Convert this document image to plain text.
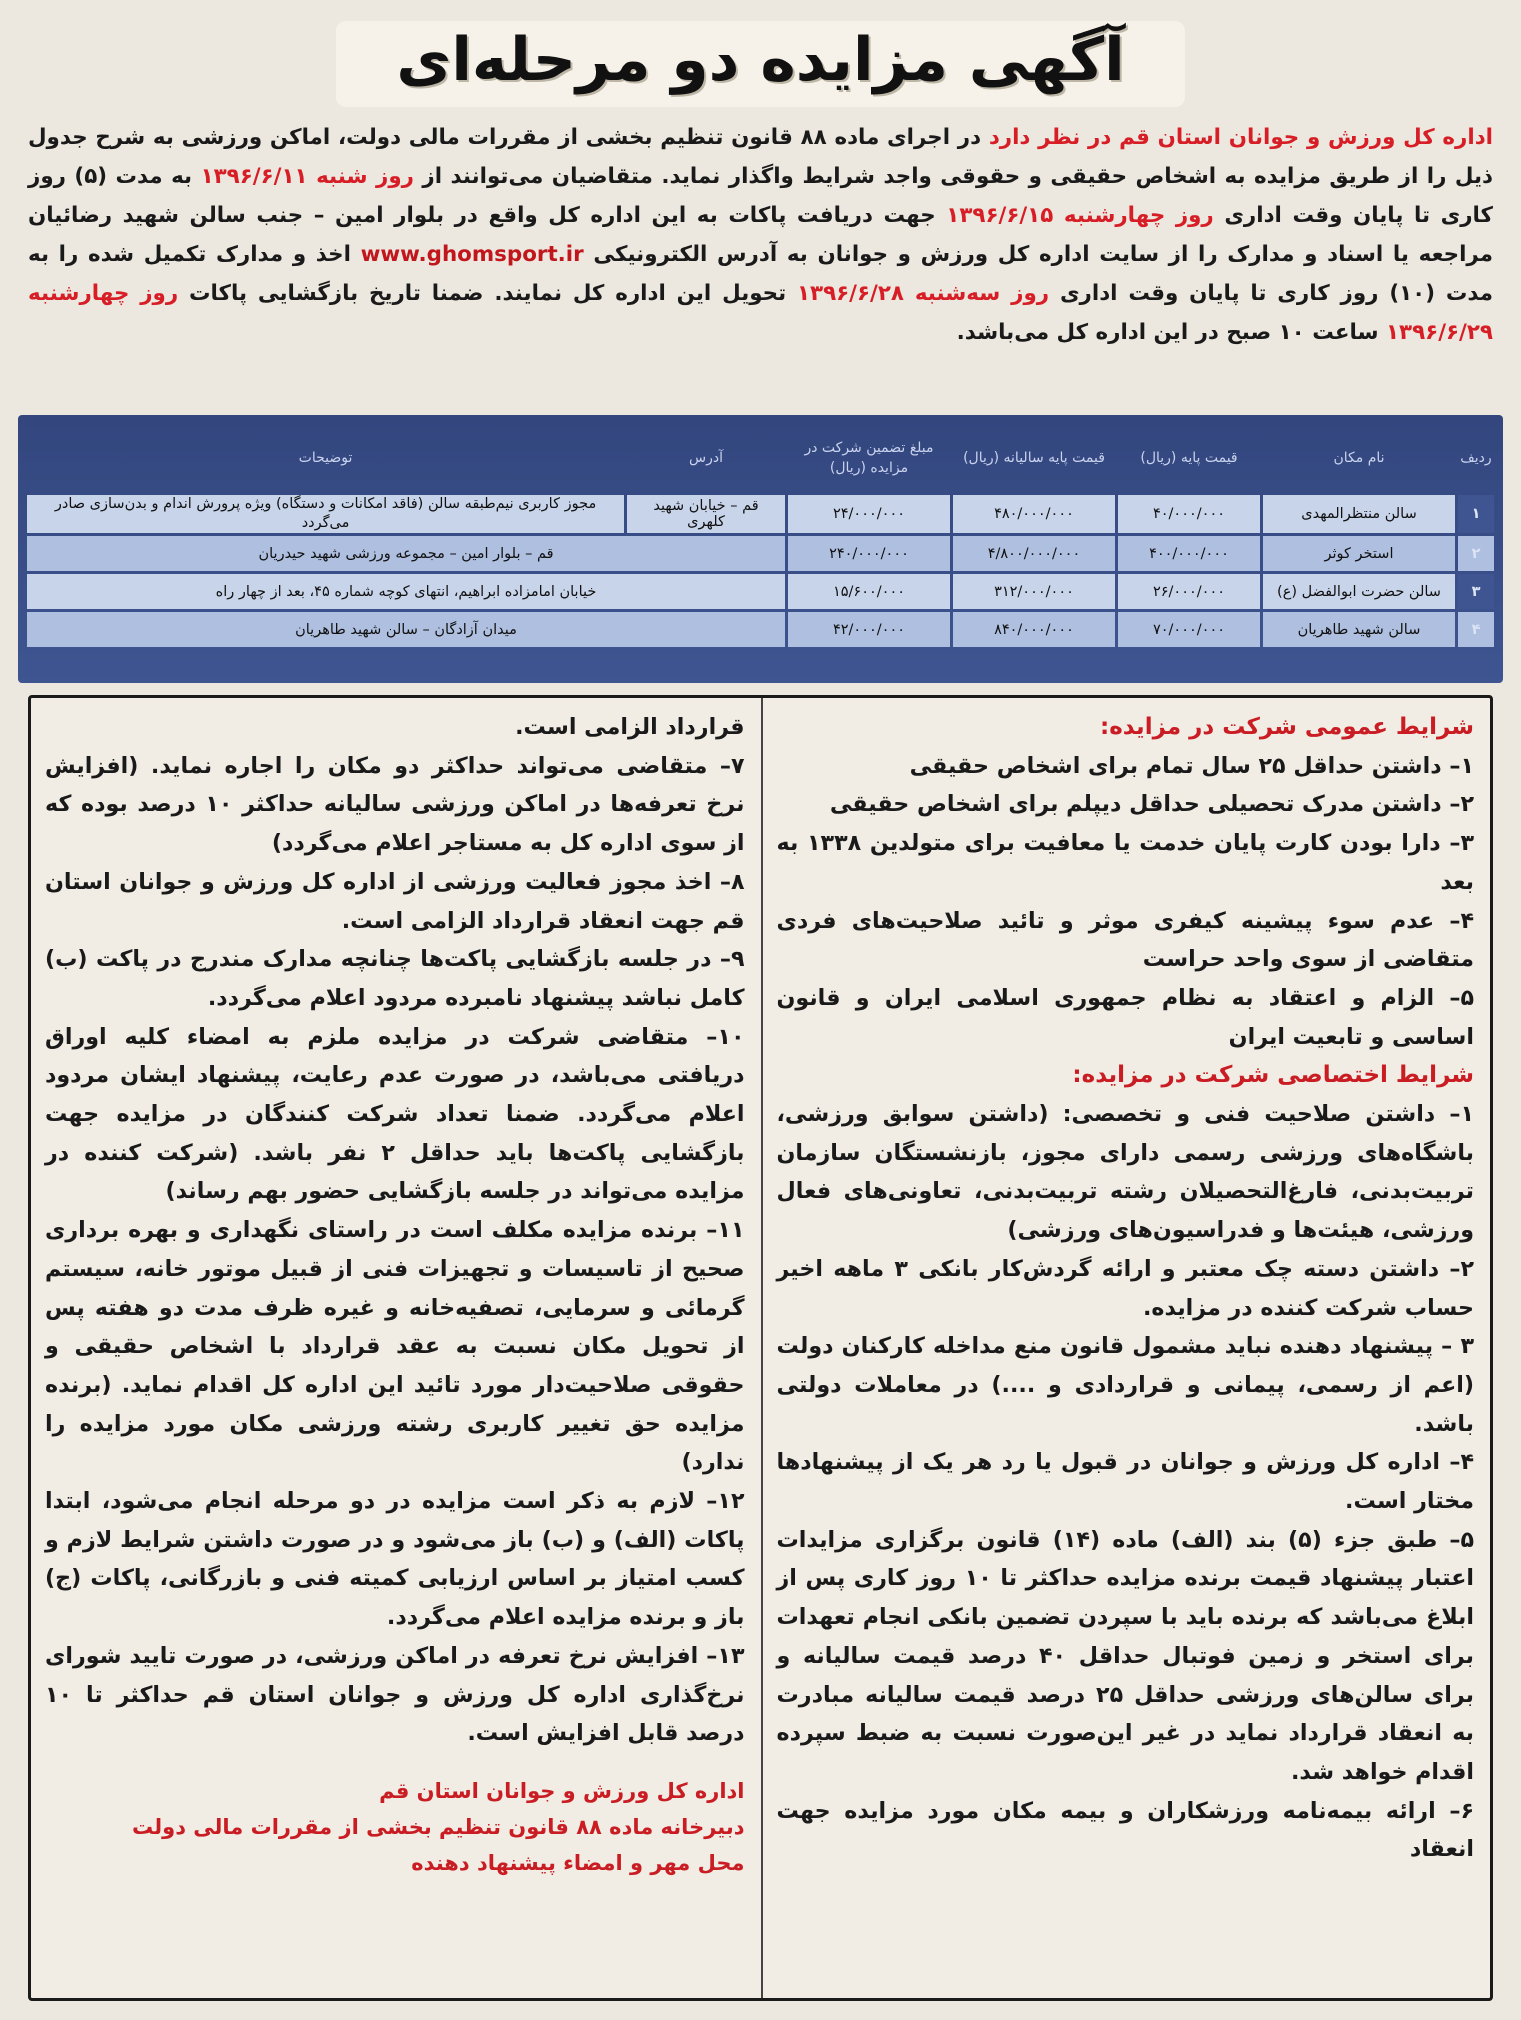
آگهی مزایده دو مرحله‌ای
اداره کل ورزش و جوانان استان قم در نظر دارد در اجرای ماده ۸۸ قانون تنظیم بخشی از مقررات مالی دولت، اماکن ورزشی به شرح جدول ذیل را از طریق مزایده به اشخاص حقیقی و حقوقی واجد شرایط واگذار نماید. متقاضیان می‌توانند از روز شنبه ۱۳۹۶/۶/۱۱ به مدت (۵) روز کاری تا پایان وقت اداری روز چهارشنبه ۱۳۹۶/۶/۱۵ جهت دریافت پاکات به این اداره کل واقع در بلوار امین – جنب سالن شهید رضائیان مراجعه یا اسناد و مدارک را از سایت اداره کل ورزش و جوانان به آدرس الکترونیکی www.ghomsport.ir اخذ و مدارک تکمیل شده را به مدت (۱۰) روز کاری تا پایان وقت اداری روز سه‌شنبه ۱۳۹۶/۶/۲۸ تحویل این اداره کل نمایند. ضمنا تاریخ بازگشایی پاکات روز چهارشنبه ۱۳۹۶/۶/۲۹ ساعت ۱۰ صبح در این اداره کل می‌باشد.
ردیف	نام مکان	قیمت پایه (ریال)	قیمت پایه سالیانه (ریال)	مبلغ تضمین شرکت در مزایده (ریال)	آدرس	توضیحات
۱	سالن منتظرالمهدی	۴۰/۰۰۰/۰۰۰	۴۸۰/۰۰۰/۰۰۰	۲۴/۰۰۰/۰۰۰	قم – خیابان شهید کلهری	مجوز کاربری نیم‌طبقه سالن (فاقد امکانات و دستگاه) ویژه پرورش اندام و بدن‌سازی صادر می‌گردد
۲	استخر کوثر	۴۰۰/۰۰۰/۰۰۰	۴/۸۰۰/۰۰۰/۰۰۰	۲۴۰/۰۰۰/۰۰۰	قم – بلوار امین – مجموعه ورزشی شهید حیدریان	
۳	سالن حضرت ابوالفضل (ع)	۲۶/۰۰۰/۰۰۰	۳۱۲/۰۰۰/۰۰۰	۱۵/۶۰۰/۰۰۰	خیابان امامزاده ابراهیم، انتهای کوچه شماره ۴۵، بعد از چهار راه	
۴	سالن شهید طاهریان	۷۰/۰۰۰/۰۰۰	۸۴۰/۰۰۰/۰۰۰	۴۲/۰۰۰/۰۰۰	میدان آزادگان – سالن شهید طاهریان	
شرایط عمومی شرکت در مزایده:

۱– داشتن حداقل ۲۵ سال تمام برای اشخاص حقیقی

۲– داشتن مدرک تحصیلی حداقل دیپلم برای اشخاص حقیقی

۳– دارا بودن کارت پایان خدمت یا معافیت برای متولدین ۱۳۳۸ به بعد

۴– عدم سوء پیشینه کیفری موثر و تائید صلاحیت‌های فردی متقاضی از سوی واحد حراست

۵– الزام و اعتقاد به نظام جمهوری اسلامی ایران و قانون اساسی و تابعیت ایران

شرایط اختصاصی شرکت در مزایده:

۱– داشتن صلاحیت فنی و تخصصی: (داشتن سوابق ورزشی، باشگاه‌های ورزشی رسمی دارای مجوز، بازنشستگان سازمان تربیت‌بدنی، فارغ‌التحصیلان رشته تربیت‌بدنی، تعاونی‌های فعال ورزشی، هیئت‌ها و فدراسیون‌های ورزشی)

۲– داشتن دسته چک معتبر و ارائه گردش‌کار بانکی ۳ ماهه اخیر حساب شرکت کننده در مزایده.

۳ – پیشنهاد دهنده نباید مشمول قانون منع مداخله کارکنان دولت (اعم از رسمی، پیمانی و قراردادی و ....) در معاملات دولتی باشد.

۴– اداره کل ورزش و جوانان در قبول یا رد هر یک از پیشنهادها مختار است.

۵– طبق جزء (۵) بند (الف) ماده (۱۴) قانون برگزاری مزایدات اعتبار پیشنهاد قیمت برنده مزایده حداکثر تا ۱۰ روز کاری پس از ابلاغ می‌باشد که برنده باید با سپردن تضمین بانکی انجام تعهدات برای استخر و زمین فوتبال حداقل ۴۰ درصد قیمت سالیانه و برای سالن‌های ورزشی حداقل ۲۵ درصد قیمت سالیانه مبادرت به انعقاد قرارداد نماید در غیر این‌صورت نسبت به ضبط سپرده اقدام خواهد شد.

۶– ارائه بیمه‌نامه ورزشکاران و بیمه مکان مورد مزایده جهت انعقاد

قرارداد الزامی است.

۷– متقاضی می‌تواند حداکثر دو مکان را اجاره نماید. (افزایش نرخ تعرفه‌ها در اماکن ورزشی سالیانه حداکثر ۱۰ درصد بوده که از سوی اداره کل به مستاجر اعلام می‌گردد)

۸– اخذ مجوز فعالیت ورزشی از اداره کل ورزش و جوانان استان قم جهت انعقاد قرارداد الزامی است.

۹– در جلسه بازگشایی پاکت‌ها چنانچه مدارک مندرج در پاکت (ب) کامل نباشد پیشنهاد نامبرده مردود اعلام می‌گردد.

۱۰– متقاضی شرکت در مزایده ملزم به امضاء کلیه اوراق دریافتی می‌باشد، در صورت عدم رعایت، پیشنهاد ایشان مردود اعلام می‌گردد. ضمنا تعداد شرکت کنندگان در مزایده جهت بازگشایی پاکت‌ها باید حداقل ۲ نفر باشد. (شرکت کننده در مزایده می‌تواند در جلسه بازگشایی حضور بهم رساند)

۱۱– برنده مزایده مکلف است در راستای نگهداری و بهره برداری صحیح از تاسیسات و تجهیزات فنی از قبیل موتور خانه، سیستم گرمائی و سرمایی، تصفیه‌خانه و غیره ظرف مدت دو هفته پس از تحویل مکان نسبت به عقد قرارداد با اشخاص حقیقی و حقوقی صلاحیت‌دار مورد تائید این اداره کل اقدام نماید. (برنده مزایده حق تغییر کاربری رشته ورزشی مکان مورد مزایده را ندارد)

۱۲– لازم به ذکر است مزایده در دو مرحله انجام می‌شود، ابتدا پاکات (الف) و (ب) باز می‌شود و در صورت داشتن شرایط لازم و کسب امتیاز بر اساس ارزیابی کمیته فنی و بازرگانی، پاکات (ج) باز و برنده مزایده اعلام می‌گردد.

۱۳– افزایش نرخ تعرفه در اماکن ورزشی، در صورت تایید شورای نرخ‌گذاری اداره کل ورزش و جوانان استان قم حداکثر تا ۱۰ درصد قابل افزایش است.

اداره کل ورزش و جوانان استان قم
دبیرخانه ماده ۸۸ قانون تنظیم بخشی از مقررات مالی دولت
محل مهر و امضاء پیشنهاد دهنده
